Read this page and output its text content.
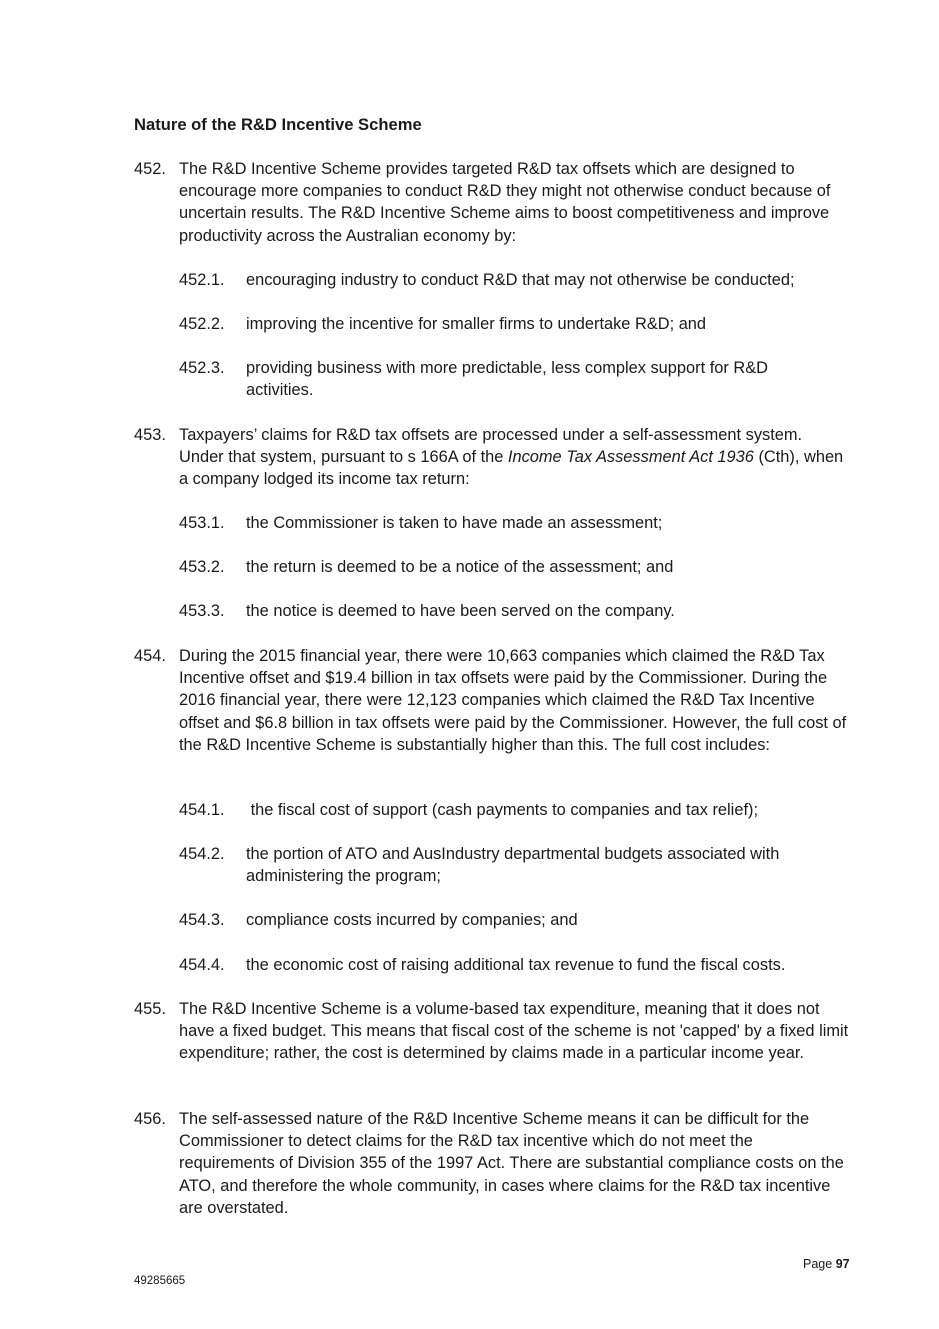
Nature of the R&D Incentive Scheme
452. The R&D Incentive Scheme provides targeted R&D tax offsets which are designed to encourage more companies to conduct R&D they might not otherwise conduct because of uncertain results. The R&D Incentive Scheme aims to boost competitiveness and improve productivity across the Australian economy by:
452.1. encouraging industry to conduct R&D that may not otherwise be conducted;
452.2. improving the incentive for smaller firms to undertake R&D; and
452.3. providing business with more predictable, less complex support for R&D activities.
453. Taxpayers’ claims for R&D tax offsets are processed under a self-assessment system. Under that system, pursuant to s 166A of the Income Tax Assessment Act 1936 (Cth), when a company lodged its income tax return:
453.1. the Commissioner is taken to have made an assessment;
453.2. the return is deemed to be a notice of the assessment; and
453.3. the notice is deemed to have been served on the company.
454. During the 2015 financial year, there were 10,663 companies which claimed the R&D Tax Incentive offset and $19.4 billion in tax offsets were paid by the Commissioner. During the 2016 financial year, there were 12,123 companies which claimed the R&D Tax Incentive offset and $6.8 billion in tax offsets were paid by the Commissioner. However, the full cost of the R&D Incentive Scheme is substantially higher than this. The full cost includes:
454.1. the fiscal cost of support (cash payments to companies and tax relief);
454.2. the portion of ATO and AusIndustry departmental budgets associated with administering the program;
454.3. compliance costs incurred by companies; and
454.4. the economic cost of raising additional tax revenue to fund the fiscal costs.
455. The R&D Incentive Scheme is a volume-based tax expenditure, meaning that it does not have a fixed budget. This means that fiscal cost of the scheme is not 'capped' by a fixed limit expenditure; rather, the cost is determined by claims made in a particular income year.
456. The self-assessed nature of the R&D Incentive Scheme means it can be difficult for the Commissioner to detect claims for the R&D tax incentive which do not meet the requirements of Division 355 of the 1997 Act. There are substantial compliance costs on the ATO, and therefore the whole community, in cases where claims for the R&D tax incentive are overstated.
Page 97
49285665
